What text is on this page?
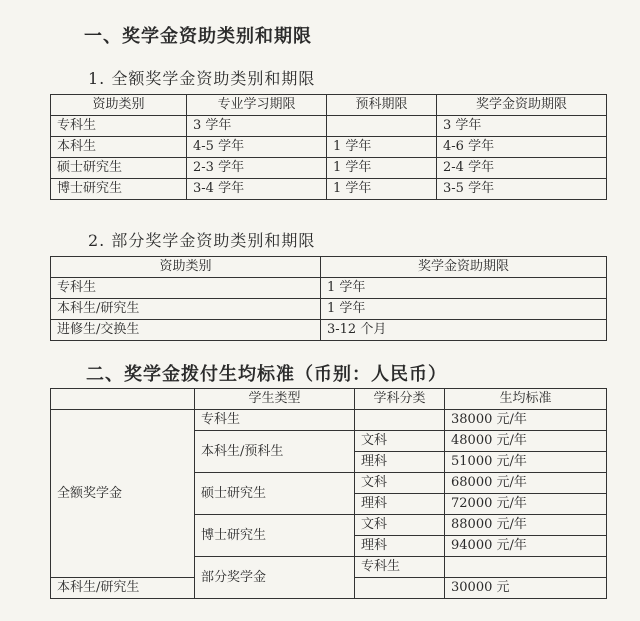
一、奖学金资助类别和期限
1. 全额奖学金资助类别和期限
资助类别	专业学习期限	预科期限	奖学金资助期限
专科生	3 学年		3 学年
本科生	4-5 学年	1 学年	4-6 学年
硕士研究生	2-3 学年	1 学年	2-4 学年
博士研究生	3-4 学年	1 学年	3-5 学年
2. 部分奖学金资助类别和期限
资助类别	奖学金资助期限
专科生	1 学年
本科生/研究生	1 学年
进修生/交换生	3-12 个月
二、奖学金拨付生均标准（币别：人民币）
	学生类型	学科分类	生均标准	
全额奖学金	专科生		38000 元/年	
	本科生/预科生	文科	48000 元/年	
		理科	51000 元/年	
	硕士研究生	文科	68000 元/年	
		理科	72000 元/年	
	博士研究生	文科	88000 元/年	
		理科	94000 元/年	
	部分奖学金	专科生		
本科生/研究生			30000 元	
